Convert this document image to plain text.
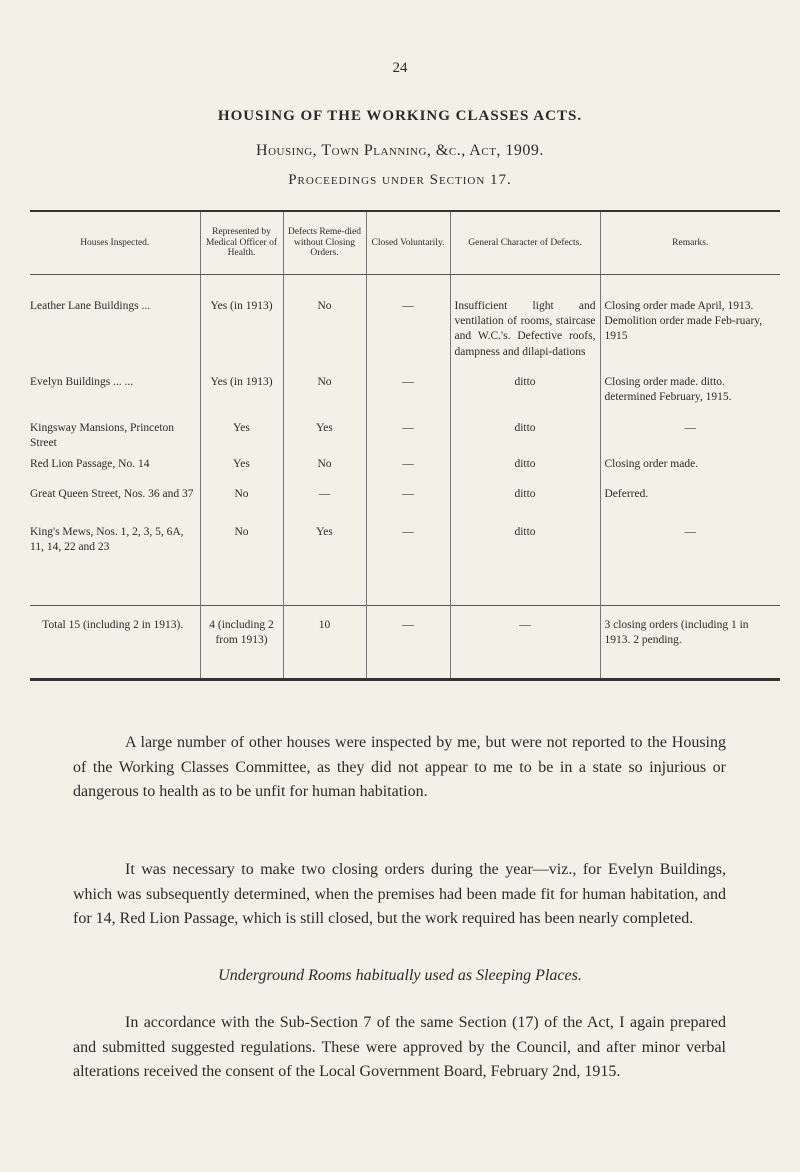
24
HOUSING OF THE WORKING CLASSES ACTS.
Housing, Town Planning, &c., Act, 1909.
Proceedings under Section 17.
Houses Inspected.	Represented by Medical Officer of Health.	Defects Reme-died without Closing Orders.	Closed Voluntarily.	General Character of Defects.	Remarks.
Leather Lane Buildings ...	Yes (in 1913)	No	—	Insufficient light and ventilation of rooms, staircase and W.C.'s. Defective roofs, dampness and dilapi-dations	Closing order made April, 1913. Demolition order made Feb-ruary, 1915
Evelyn Buildings ... ...	Yes (in 1913)	No	—	ditto	Closing order made. ditto. determined February, 1915.
Kingsway Mansions, Princeton Street	Yes	Yes	—	ditto	—
Red Lion Passage, No. 14	Yes	No	—	ditto	Closing order made.
Great Queen Street, Nos. 36 and 37	No	—	—	ditto	Deferred.
King's Mews, Nos. 1, 2, 3, 5, 6A, 11, 14, 22 and 23	No	Yes	—	ditto	—
Total 15 (including 2 in 1913).	4 (including 2 from 1913)	10	—	—	3 closing orders (including 1 in 1913. 2 pending.
A large number of other houses were inspected by me, but were not reported to the Housing of the Working Classes Committee, as they did not appear to me to be in a state so injurious or dangerous to health as to be unfit for human habitation.
It was necessary to make two closing orders during the year—viz., for Evelyn Buildings, which was subsequently determined, when the premises had been made fit for human habitation, and for 14, Red Lion Passage, which is still closed, but the work required has been nearly completed.
Underground Rooms habitually used as Sleeping Places.
In accordance with the Sub-Section 7 of the same Section (17) of the Act, I again prepared and submitted suggested regulations. These were approved by the Council, and after minor verbal alterations received the consent of the Local Government Board, February 2nd, 1915.
